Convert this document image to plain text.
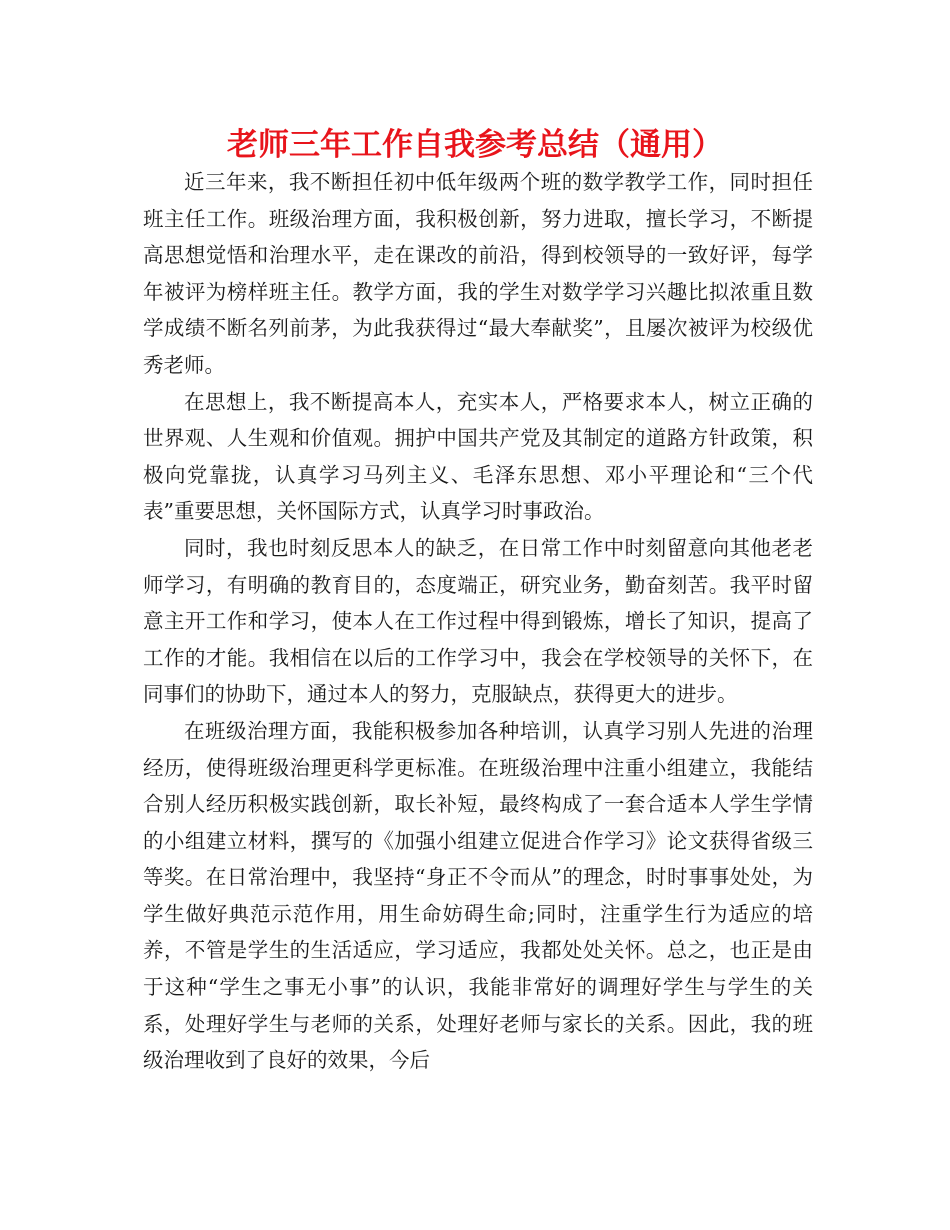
老师三年工作自我参考总结（通用）

近三年来，我不断担任初中低年级两个班的数学教学工作，同时担任班主任工作。班级治理方面，我积极创新，努力进取，擅长学习，不断提高思想觉悟和治理水平，走在课改的前沿，得到校领导的一致好评，每学年被评为榜样班主任。教学方面，我的学生对数学学习兴趣比拟浓重且数学成绩不断名列前茅，为此我获得过“最大奉献奖”，且屡次被评为校级优秀老师。

在思想上，我不断提高本人，充实本人，严格要求本人，树立正确的世界观、人生观和价值观。拥护中国共产党及其制定的道路方针政策，积极向党靠拢，认真学习马列主义、毛泽东思想、邓小平理论和“三个代表”重要思想，关怀国际方式，认真学习时事政治。

同时，我也时刻反思本人的缺乏，在日常工作中时刻留意向其他老老师学习，有明确的教育目的，态度端正，研究业务，勤奋刻苦。我平时留意主开工作和学习，使本人在工作过程中得到锻炼，增长了知识，提高了工作的才能。我相信在以后的工作学习中，我会在学校领导的关怀下，在同事们的协助下，通过本人的努力，克服缺点，获得更大的进步。

在班级治理方面，我能积极参加各种培训，认真学习别人先进的治理经历，使得班级治理更科学更标准。在班级治理中注重小组建立，我能结合别人经历积极实践创新，取长补短，最终构成了一套合适本人学生学情的小组建立材料，撰写的《加强小组建立促进合作学习》论文获得省级三等奖。在日常治理中，我坚持“身正不令而从”的理念，时时事事处处，为学生做好典范示范作用，用生命妨碍生命;同时，注重学生行为适应的培养，不管是学生的生活适应，学习适应，我都处处关怀。总之，也正是由于这种“学生之事无小事”的认识，我能非常好的调理好学生与学生的关系，处理好学生与老师的关系，处理好老师与家长的关系。因此，我的班级治理收到了良好的效果，今后
